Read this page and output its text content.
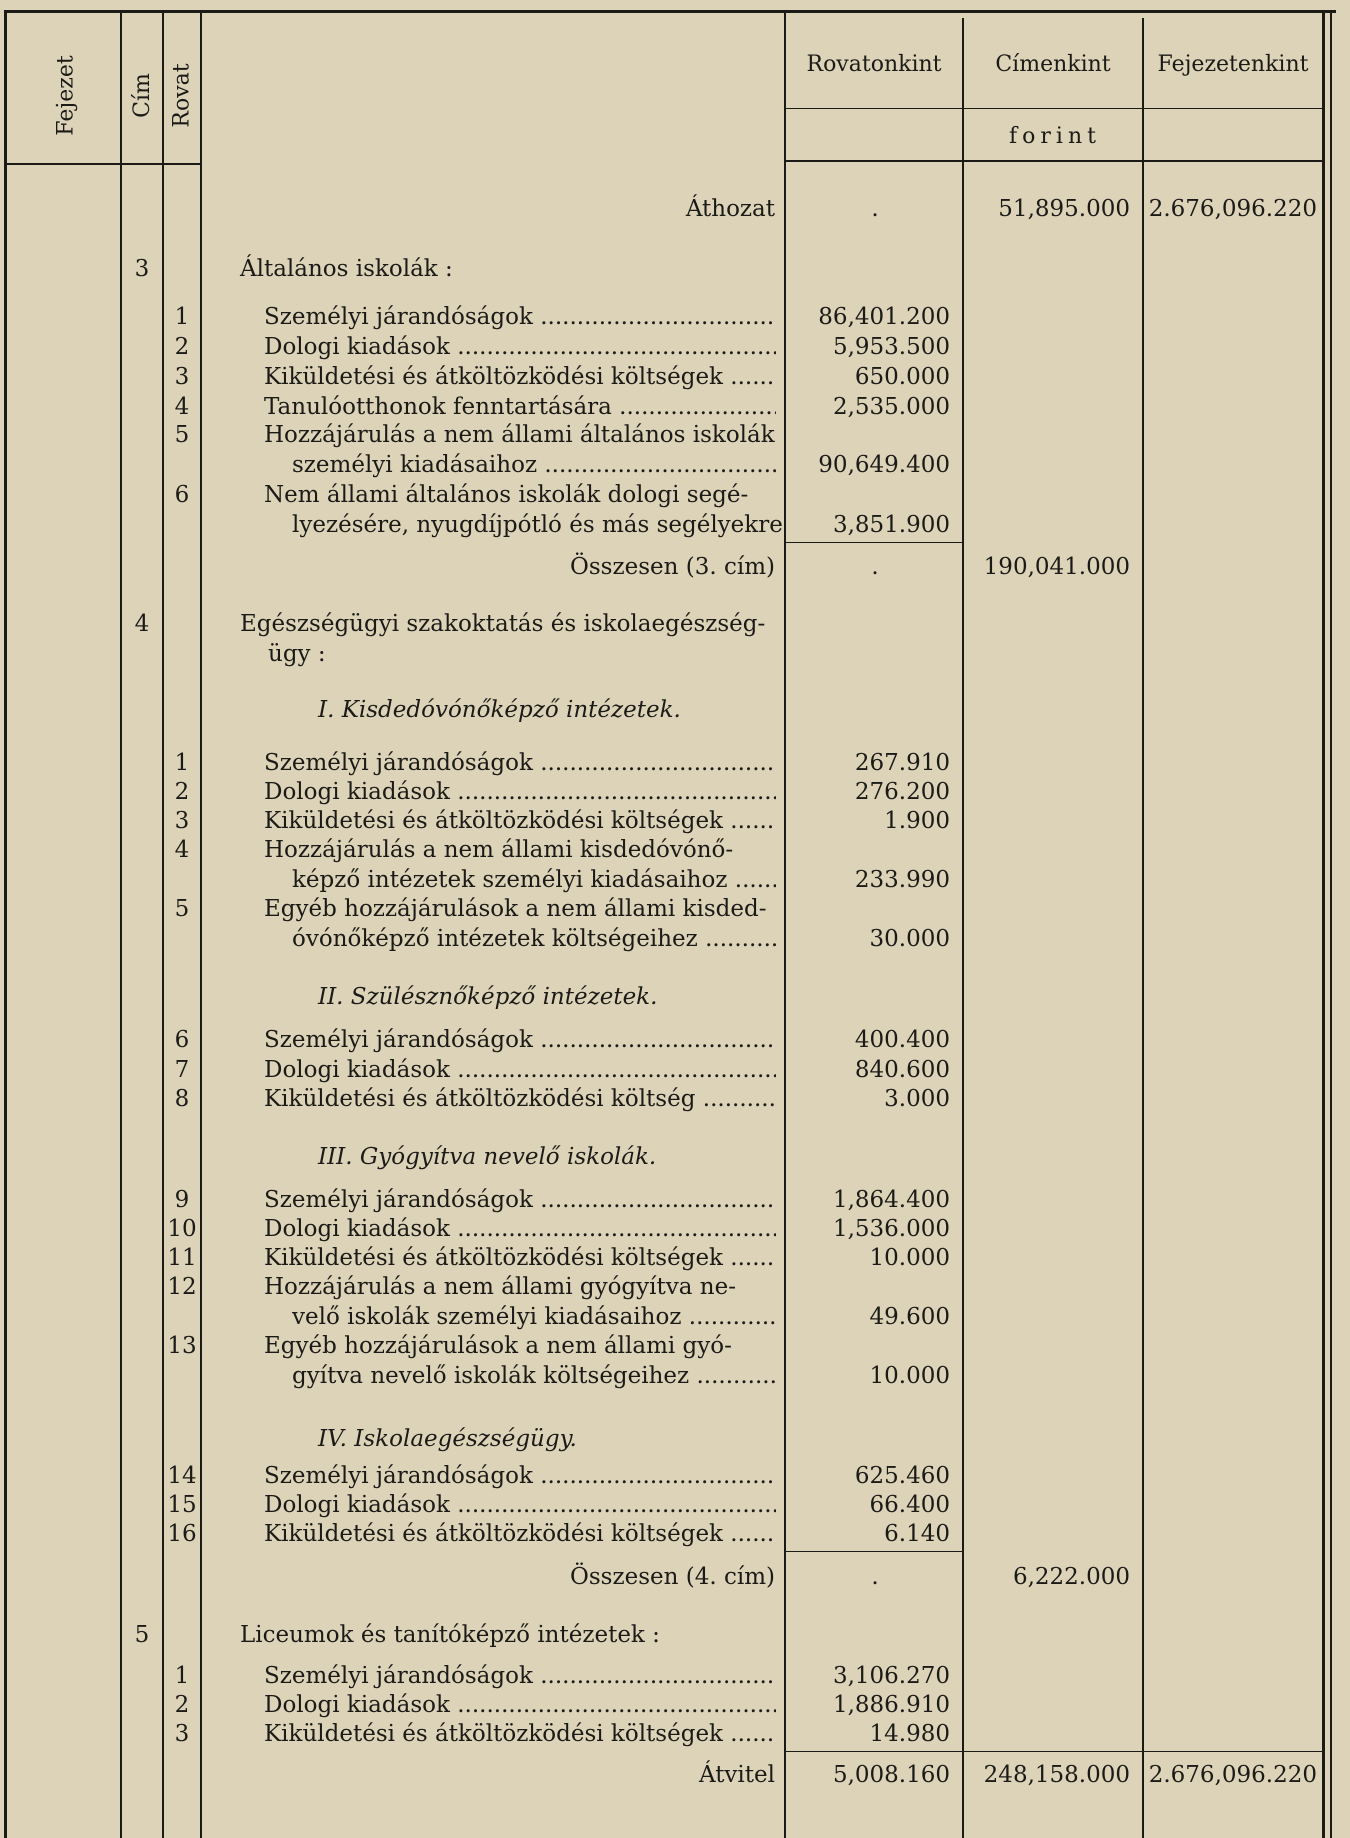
Fejezet Cím Rovat	Rovatonkint	Címenkint	Fejezetenkint
forint
Áthozat	.	51,895.000 2.676,096.220
3	Általános iskolák :
1	Személyi járandóságok .....	86,401.200
2	Dologi kiadások .....	5,953.500
3	Kiküldetési és átköltözködési költségek .....	650.000
4	Tanulóotthonok fenntartására .....	2,535.000
5	Hozzájárulás a nem állami általános iskolák
személyi kiadásaihoz .....	90,649.400
6	Nem állami általános iskolák dologi segé-
lyezésére, nyugdíjpótló és más segélyekre	3,851.900
Összesen (3. cím)	.	190,041.000
4	Egészségügyi szakoktatás és iskolaegészség-
ügy :
I. Kisdedóvónőképző intézetek.
1	Személyi járandóságok .....	267.910
2	Dologi kiadások .....	276.200
3	Kiküldetési és átköltözködési költségek .....	1.900
4	Hozzájárulás a nem állami kisdedóvónő-
képző intézetek személyi kiadásaihoz .....	233.990
5	Egyéb hozzájárulások a nem állami kisded-
óvónőképző intézetek költségeihez .....	30.000
II. Szülésznőképző intézetek.
6	Személyi járandóságok .....	400.400
7	Dologi kiadások .....	840.600
8	Kiküldetési és átköltözködési költség .....	3.000
III. Gyógyítva nevelő iskolák.
9	Személyi járandóságok .....	1,864.400
10	Dologi kiadások .....	1,536.000
11	Kiküldetési és átköltözködési költségek .....	10.000
12	Hozzájárulás a nem állami gyógyítva ne-
velő iskolák személyi kiadásaihoz .....	49.600
13	Egyéb hozzájárulások a nem állami gyó-
gyítva nevelő iskolák költségeihez .....	10.000
IV. Iskolaegészségügy.
14	Személyi járandóságok .....	625.460
15	Dologi kiadások .....	66.400
16	Kiküldetési és átköltözködési költségek .....	6.140
Összesen (4. cím)	.	6,222.000
5	Liceumok és tanítóképző intézetek :
1	Személyi járandóságok .....	3,106.270
2	Dologi kiadások .....	1,886.910
3	Kiküldetési és átköltözködési költségek .....	14.980
Átvitel	5,008.160	248,158.000 2.676,096.220
